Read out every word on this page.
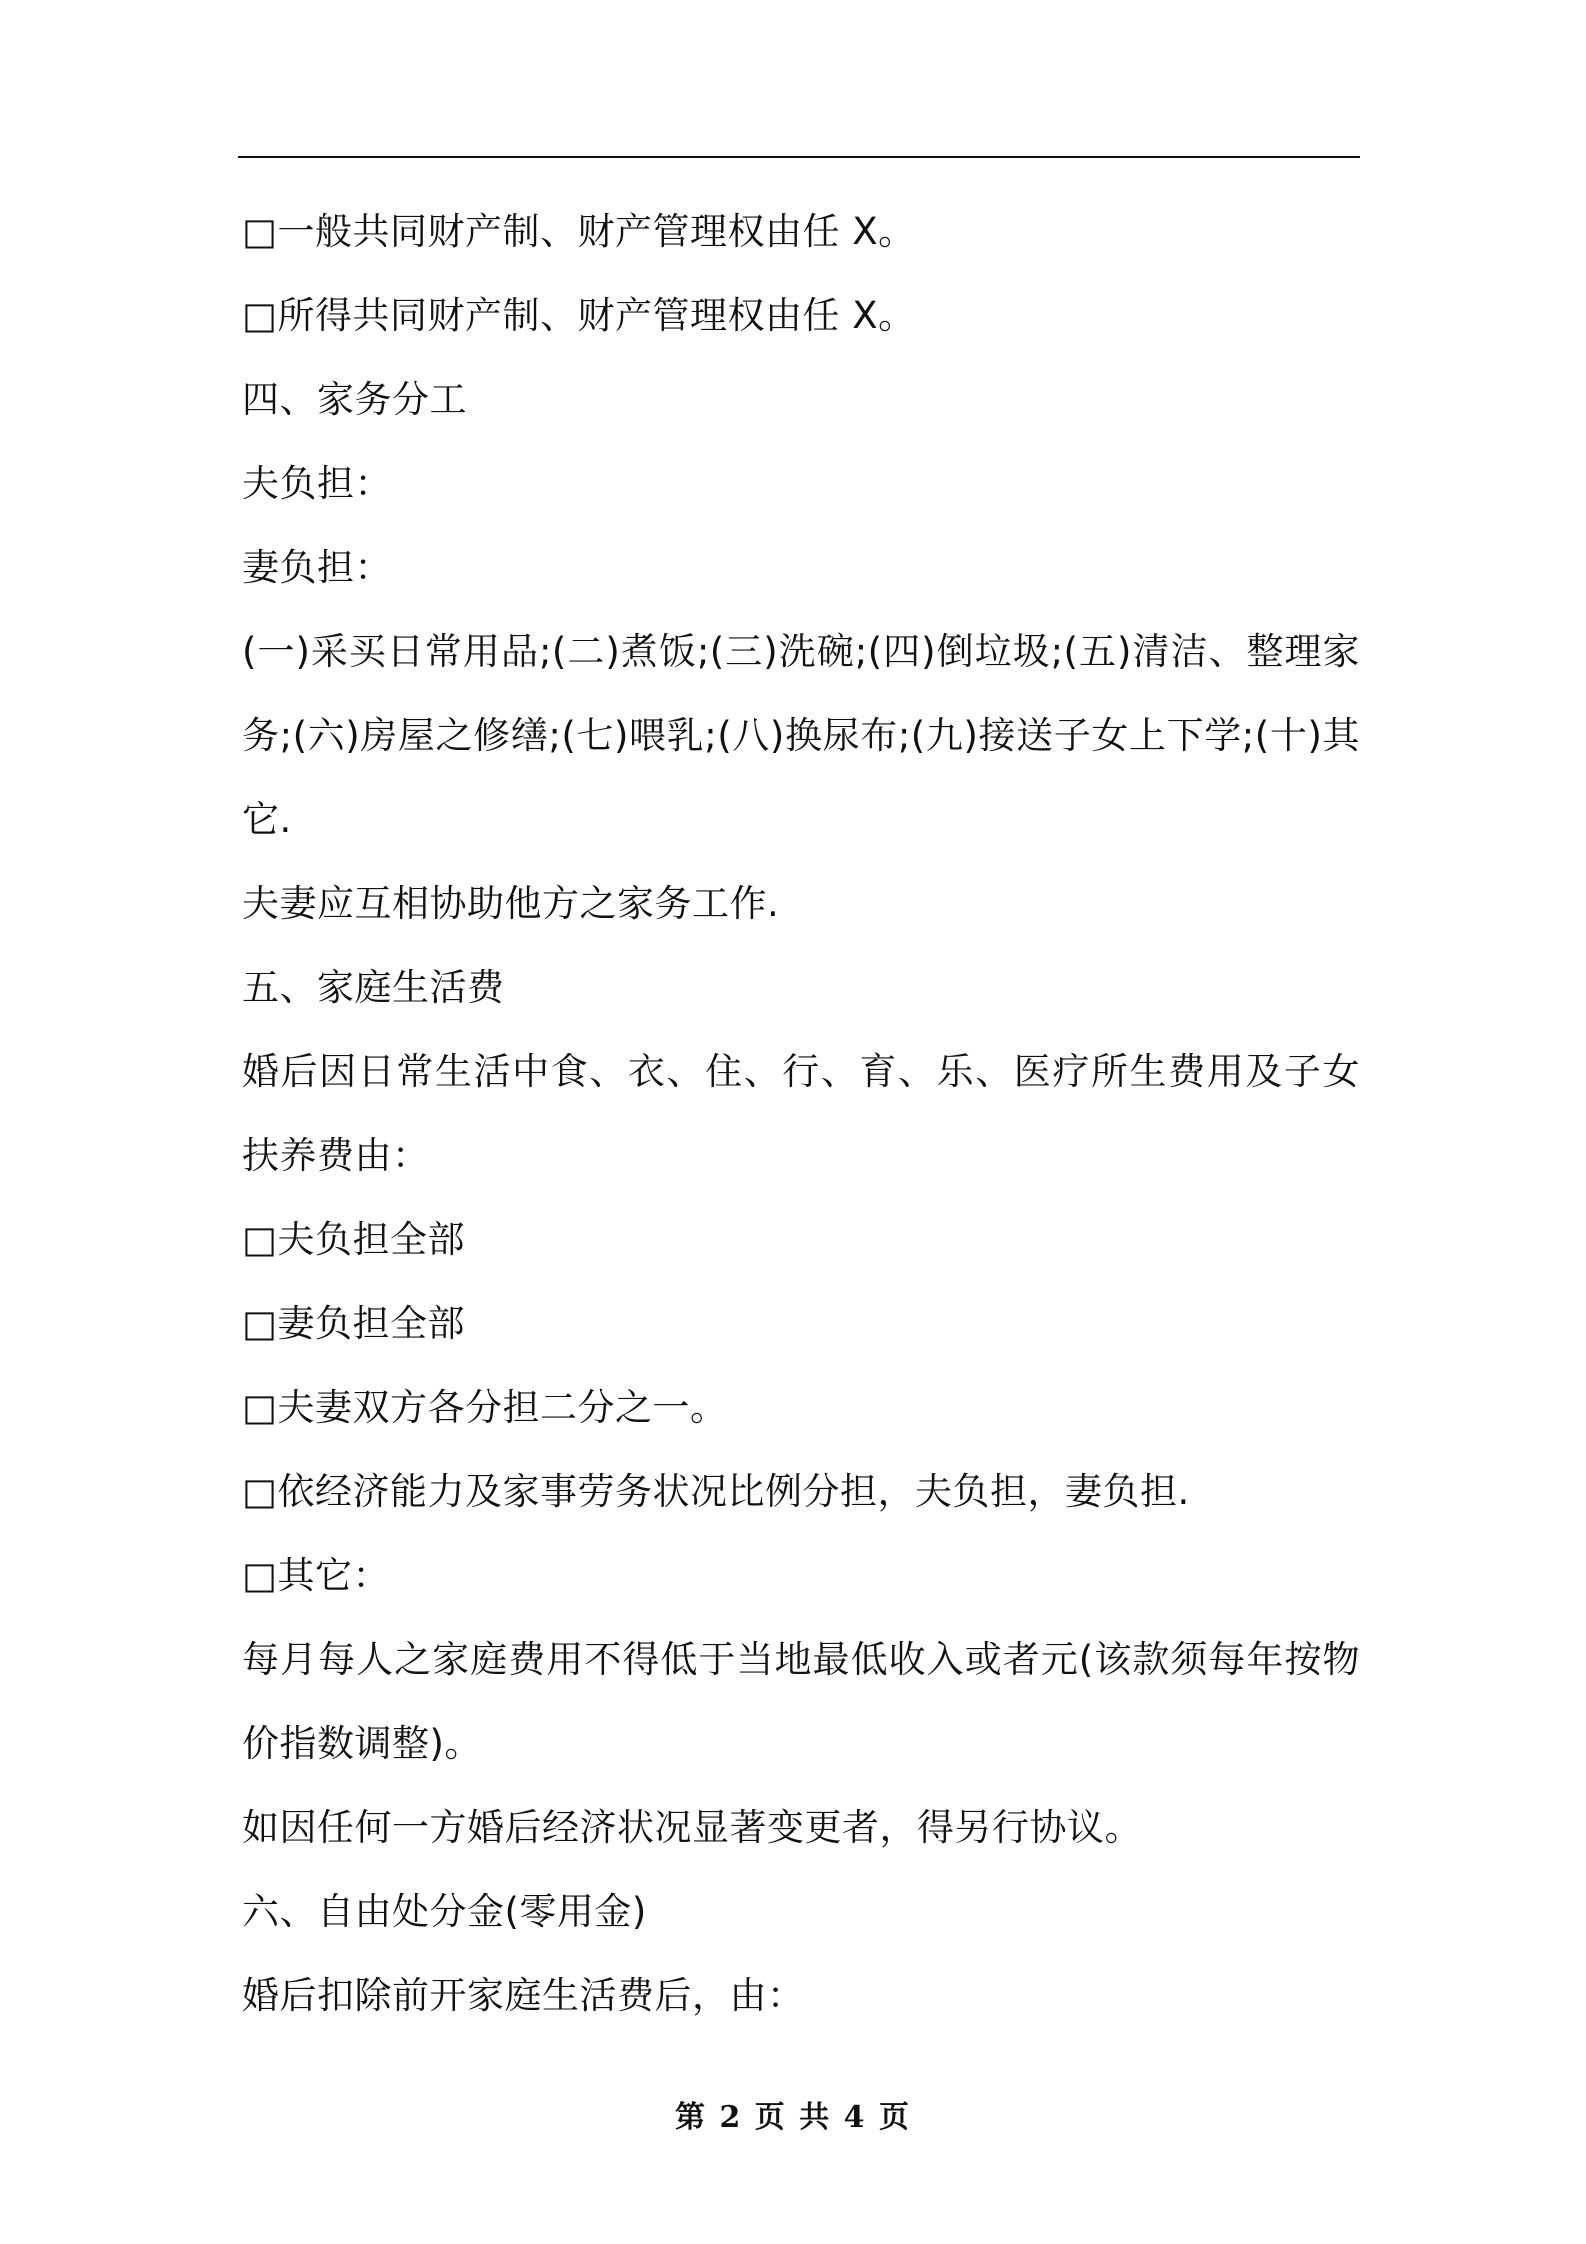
□一般共同财产制、财产管理权由任 X。
□所得共同财产制、财产管理权由任 X。
四、家务分工
夫负担：
妻负担：
(一)采买日常用品;(二)煮饭;(三)洗碗;(四)倒垃圾;(五)清洁、整理家务;(六)房屋之修缮;(七)喂乳;(八)换尿布;(九)接送子女上下学;(十)其它.
夫妻应互相协助他方之家务工作.
五、家庭生活费
婚后因日常生活中食、衣、住、行、育、乐、医疗所生费用及子女扶养费由：
□夫负担全部
□妻负担全部
□夫妻双方各分担二分之一。
□依经济能力及家事劳务状况比例分担，夫负担，妻负担.
□其它：
每月每人之家庭费用不得低于当地最低收入或者元(该款须每年按物价指数调整)。
如因任何一方婚后经济状况显著变更者，得另行协议。
六、自由处分金(零用金)
婚后扣除前开家庭生活费后，由：
第 2 页 共 4 页
